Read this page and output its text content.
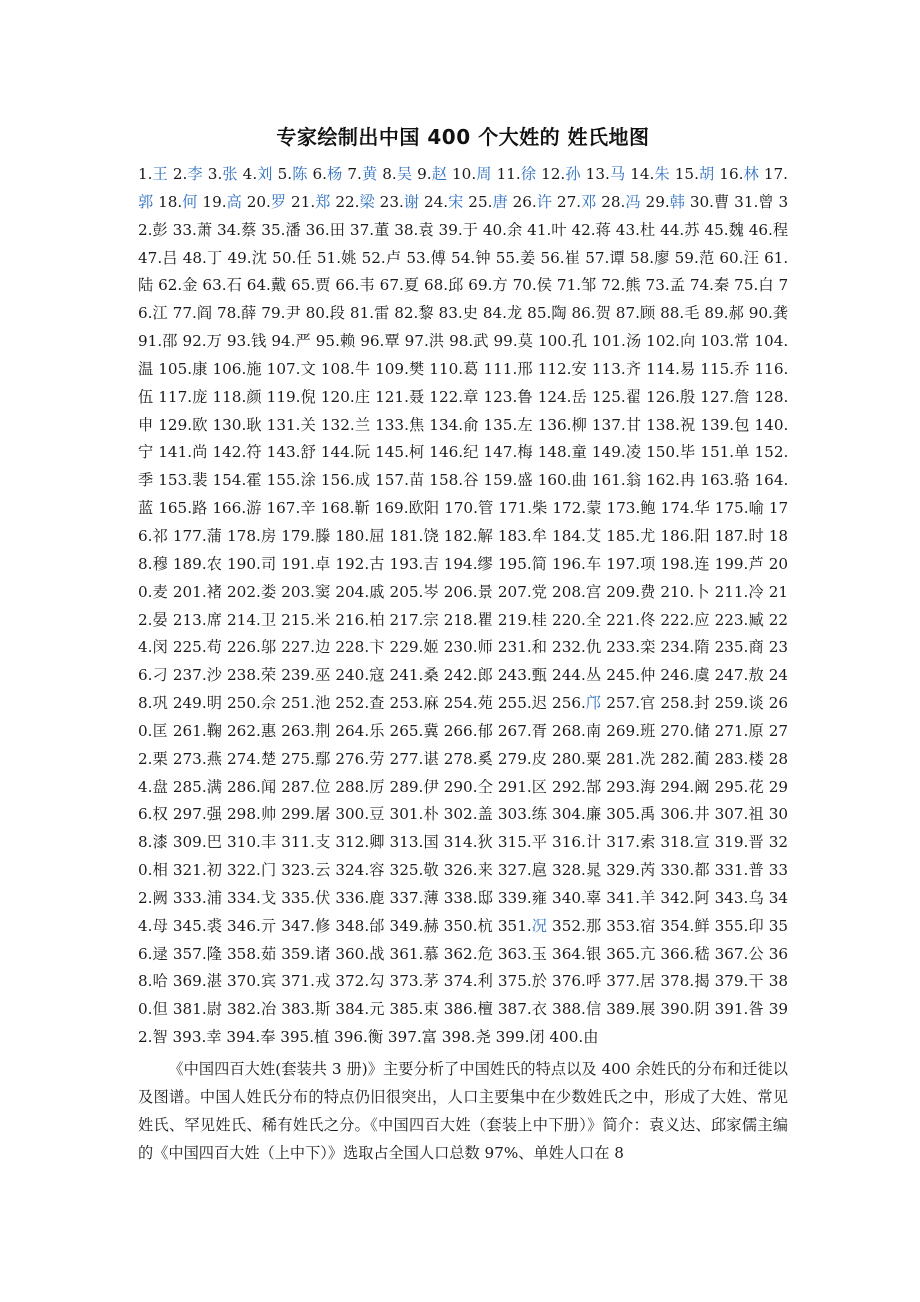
专家绘制出中国 400 个大姓的 姓氏地图
1.王 2.李 3.张 4.刘 5.陈 6.杨 7.黄 8.吴 9.赵 10.周 11.徐 12.孙 13.马 14.朱 15.胡 16.林 17.郭 18.何 19.高 20.罗 21.郑 22.梁 23.谢 24.宋 25.唐 26.许 27.邓 28.冯 29.韩 30.曹 31.曾 32.彭 33.萧 34.蔡 35.潘 36.田 37.董 38.袁 39.于 40.余 41.叶 42.蒋 43.杜 44.苏 45.魏 46.程 47.吕 48.丁 49.沈 50.任 51.姚 52.卢 53.傅 54.钟 55.姜 56.崔 57.谭 58.廖 59.范 60.汪 61.陆 62.金 63.石 64.戴 65.贾 66.韦 67.夏 68.邱 69.方 70.侯 71.邹 72.熊 73.孟 74.秦 75.白 76.江 77.阎 78.薛 79.尹 80.段 81.雷 82.黎 83.史 84.龙 85.陶 86.贺 87.顾 88.毛 89.郝 90.龚 91.邵 92.万 93.钱 94.严 95.赖 96.覃 97.洪 98.武 99.莫 100.孔 101.汤 102.向 103.常 104.温 105.康 106.施 107.文 108.牛 109.樊 110.葛 111.邢 112.安 113.齐 114.易 115.乔 116.伍 117.庞 118.颜 119.倪 120.庄 121.聂 122.章 123.鲁 124.岳 125.翟 126.殷 127.詹 128.申 129.欧 130.耿 131.关 132.兰 133.焦 134.俞 135.左 136.柳 137.甘 138.祝 139.包 140.宁 141.尚 142.符 143.舒 144.阮 145.柯 146.纪 147.梅 148.童 149.凌 150.毕 151.单 152.季 153.裴 154.霍 155.涂 156.成 157.苗 158.谷 159.盛 160.曲 161.翁 162.冉 163.骆 164.蓝 165.路 166.游 167.辛 168.靳 169.欧阳 170.管 171.柴 172.蒙 173.鲍 174.华 175.喻 176.祁 177.蒲 178.房 179.滕 180.屈 181.饶 182.解 183.牟 184.艾 185.尤 186.阳 187.时 188.穆 189.农 190.司 191.卓 192.古 193.吉 194.缪 195.简 196.车 197.项 198.连 199.芦 200.麦 201.褚 202.娄 203.窦 204.戚 205.岑 206.景 207.党 208.宫 209.费 210.卜 211.冷 212.晏 213.席 214.卫 215.米 216.柏 217.宗 218.瞿 219.桂 220.全 221.佟 222.应 223.臧 224.闵 225.苟 226.邬 227.边 228.卞 229.姬 230.师 231.和 232.仇 233.栾 234.隋 235.商 236.刁 237.沙 238.荣 239.巫 240.寇 241.桑 242.郎 243.甄 244.丛 245.仲 246.虞 247.敖 248.巩 249.明 250.佘 251.池 252.查 253.麻 254.苑 255.迟 256.邝 257.官 258.封 259.谈 260.匡 261.鞠 262.惠 263.荆 264.乐 265.冀 266.郁 267.胥 268.南 269.班 270.储 271.原 272.栗 273.燕 274.楚 275.鄢 276.劳 277.谌 278.奚 279.皮 280.粟 281.冼 282.蔺 283.楼 284.盘 285.满 286.闻 287.位 288.厉 289.伊 290.仝 291.区 292.郜 293.海 294.阚 295.花 296.权 297.强 298.帅 299.屠 300.豆 301.朴 302.盖 303.练 304.廉 305.禹 306.井 307.祖 308.漆 309.巴 310.丰 311.支 312.卿 313.国 314.狄 315.平 316.计 317.索 318.宣 319.晋 320.相 321.初 322.门 323.云 324.容 325.敬 326.来 327.扈 328.晁 329.芮 330.都 331.普 332.阙 333.浦 334.戈 335.伏 336.鹿 337.薄 338.邸 339.雍 340.辜 341.羊 342.阿 343.乌 344.母 345.裘 346.亓 347.修 348.邰 349.赫 350.杭 351.况 352.那 353.宿 354.鲜 355.印 356.逯 357.隆 358.茹 359.诸 360.战 361.慕 362.危 363.玉 364.银 365.亢 366.嵇 367.公 368.哈 369.湛 370.宾 371.戎 372.勾 373.茅 374.利 375.於 376.呼 377.居 378.揭 379.干 380.但 381.尉 382.冶 383.斯 384.元 385.束 386.檀 387.衣 388.信 389.展 390.阴 391.昝 392.智 393.幸 394.奉 395.植 396.衡 397.富 398.尧 399.闭 400.由
《中国四百大姓(套装共 3 册)》主要分析了中国姓氏的特点以及 400 余姓氏的分布和迁徙以及图谱。中国人姓氏分布的特点仍旧很突出，人口主要集中在少数姓氏之中，形成了大姓、常见姓氏、罕见姓氏、稀有姓氏之分。《中国四百大姓（套装上中下册）》简介：袁义达、邱家儒主编的《中国四百大姓（上中下）》选取占全国人口总数 97%、单姓人口在 8
